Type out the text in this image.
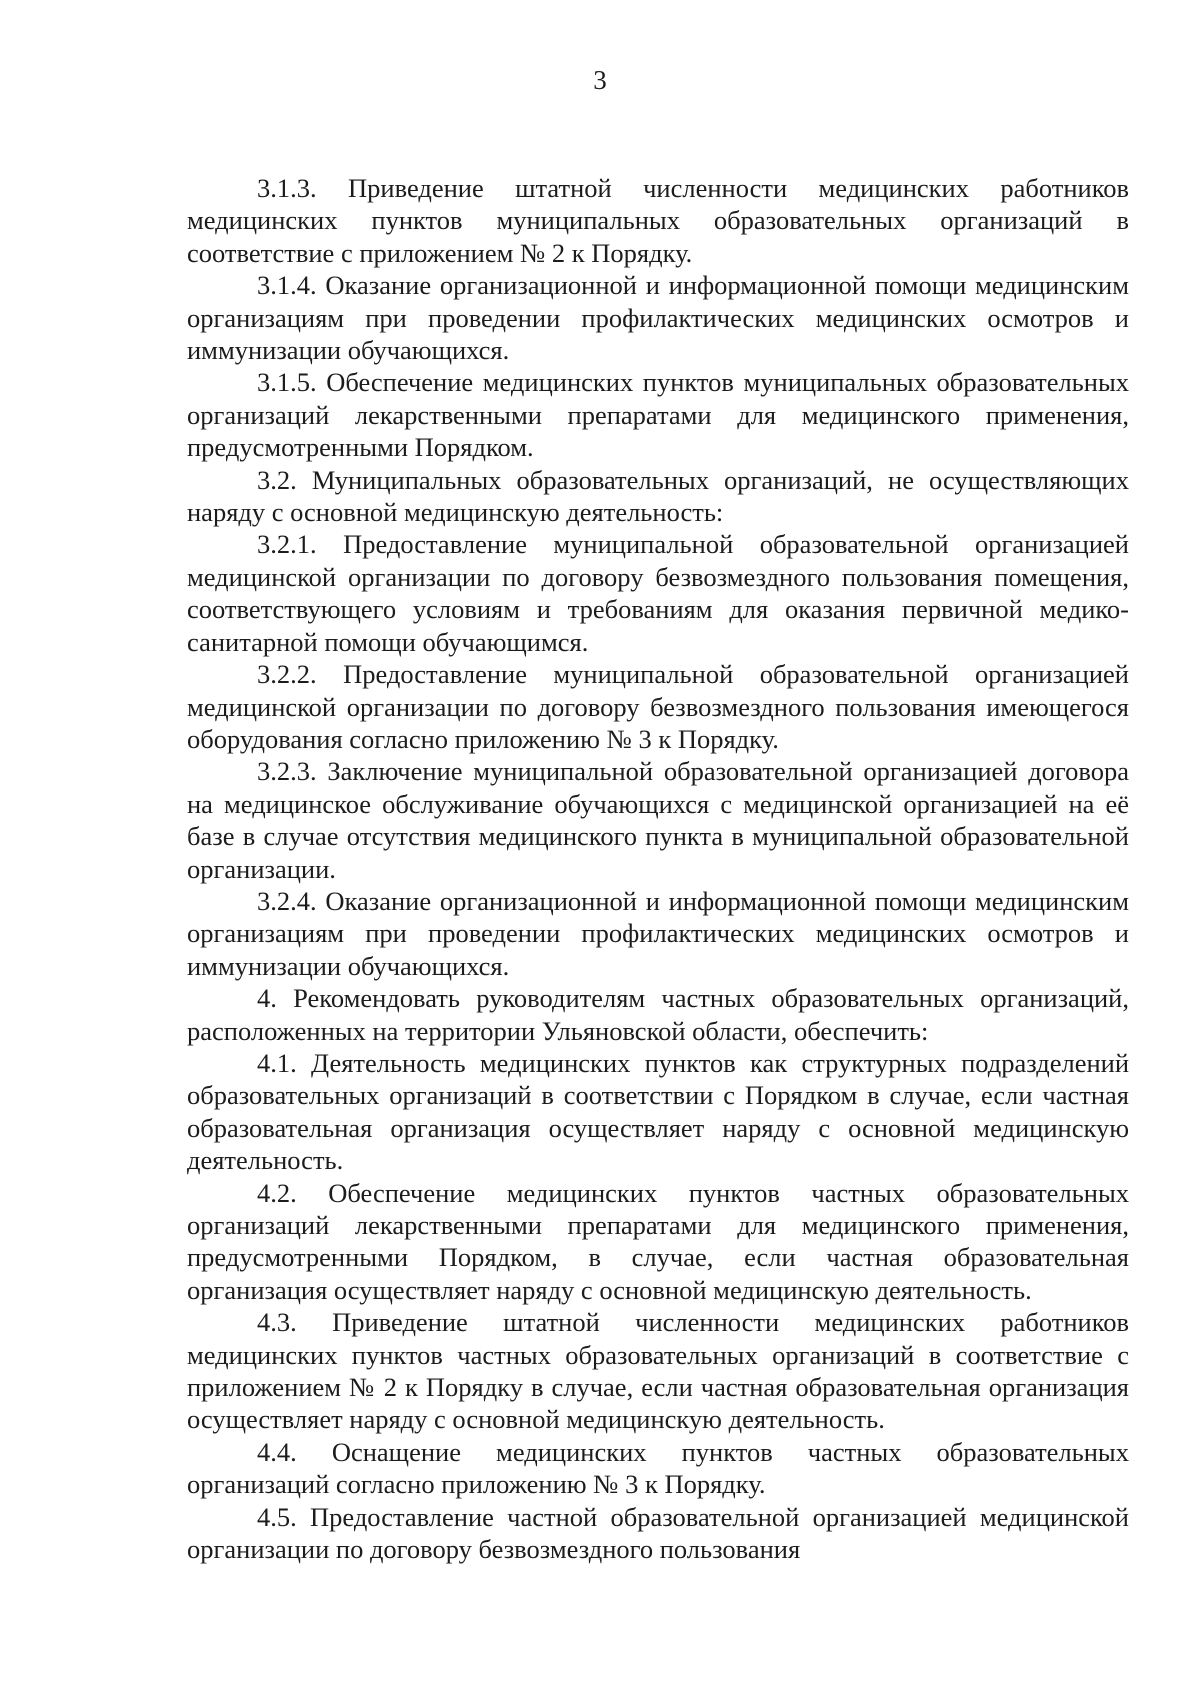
3

3.1.3. Приведение штатной численности медицинских работников медицинских пунктов муниципальных образовательных организаций в соответствие с приложением № 2 к Порядку.

3.1.4. Оказание организационной и информационной помощи медицинским организациям при проведении профилактических медицинских осмотров и иммунизации обучающихся.

3.1.5. Обеспечение медицинских пунктов муниципальных образовательных организаций лекарственными препаратами для медицинского применения, предусмотренными Порядком.

3.2. Муниципальных образовательных организаций, не осуществляющих наряду с основной медицинскую деятельность:

3.2.1. Предоставление муниципальной образовательной организацией медицинской организации по договору безвозмездного пользования помещения, соответствующего условиям и требованиям для оказания первичной медико-санитарной помощи обучающимся.

3.2.2. Предоставление муниципальной образовательной организацией медицинской организации по договору безвозмездного пользования имеющегося оборудования согласно приложению № 3 к Порядку.

3.2.3. Заключение муниципальной образовательной организацией договора на медицинское обслуживание обучающихся с медицинской организацией на её базе в случае отсутствия медицинского пункта в муниципальной образовательной организации.

3.2.4. Оказание организационной и информационной помощи медицинским организациям при проведении профилактических медицинских осмотров и иммунизации обучающихся.

4. Рекомендовать руководителям частных образовательных организаций, расположенных на территории Ульяновской области, обеспечить:

4.1. Деятельность медицинских пунктов как структурных подразделений образовательных организаций в соответствии с Порядком в случае, если частная образовательная организация осуществляет наряду с основной медицинскую деятельность.

4.2. Обеспечение медицинских пунктов частных образовательных организаций лекарственными препаратами для медицинского применения, предусмотренными Порядком, в случае, если частная образовательная организация осуществляет наряду с основной медицинскую деятельность.

4.3. Приведение штатной численности медицинских работников медицинских пунктов частных образовательных организаций в соответствие с приложением № 2 к Порядку в случае, если частная образовательная организация осуществляет наряду с основной медицинскую деятельность.

4.4. Оснащение медицинских пунктов частных образовательных организаций согласно приложению № 3 к Порядку.

4.5. Предоставление частной образовательной организацией медицинской организации по договору безвозмездного пользования
